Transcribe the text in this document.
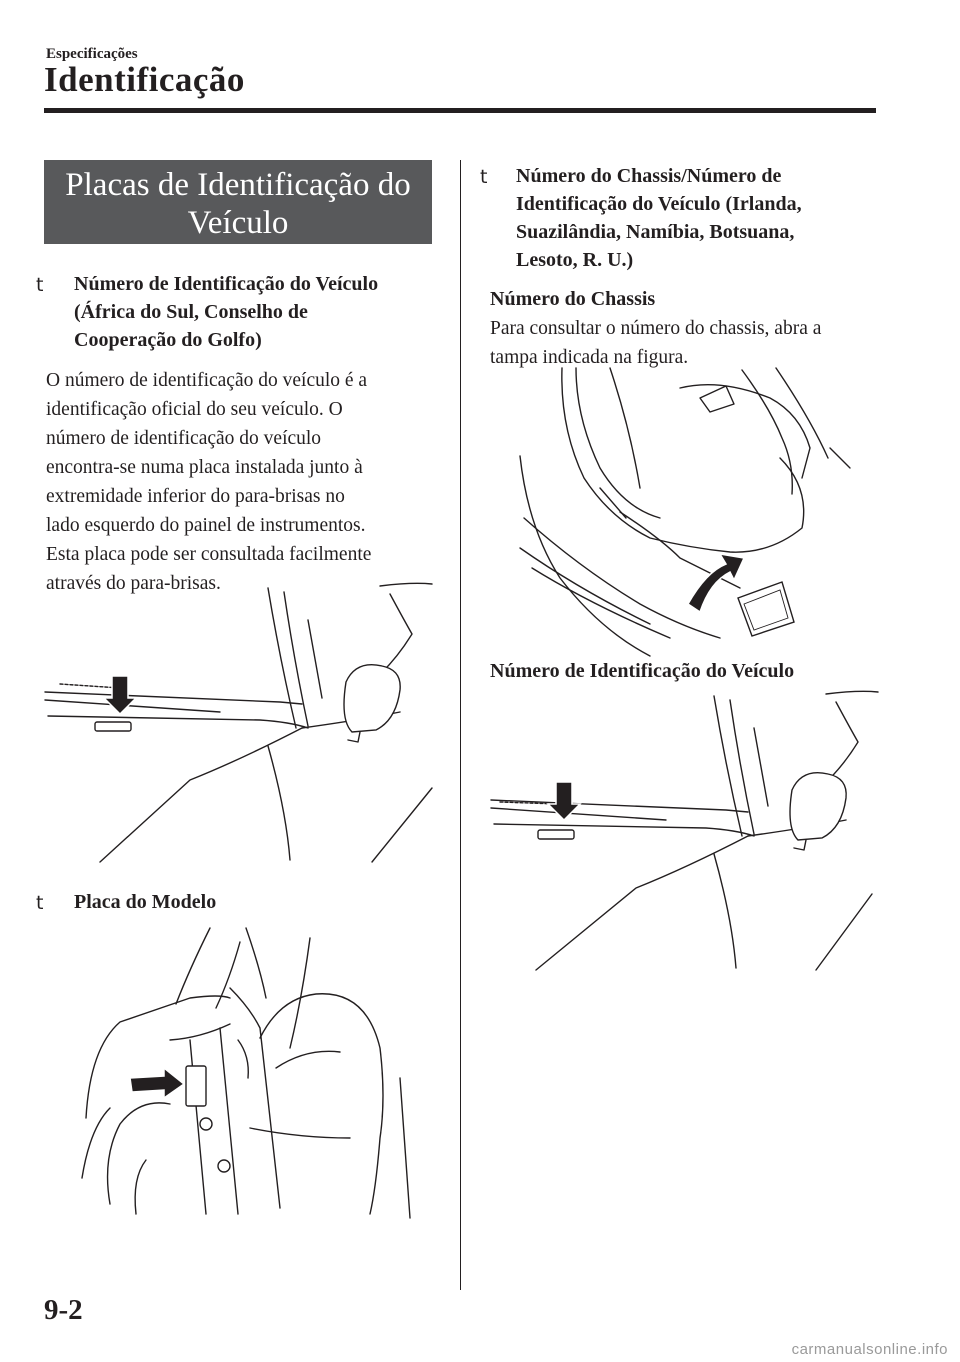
Especificações
Identificação
Placas de Identificação do
Veículo
t Número de Identificação do Veículo
(África do Sul, Conselho de
Cooperação do Golfo)
O número de identificação do veículo é a
identificação oficial do seu veículo. O
número de identificação do veículo
encontra-se numa placa instalada junto à
extremidade inferior do para-brisas no
lado esquerdo do painel de instrumentos.
Esta placa pode ser consultada facilmente
através do para-brisas.
t Placa do Modelo
t Número do Chassis/Número de
Identificação do Veículo (Irlanda,
Suazilândia, Namíbia, Botsuana,
Lesoto, R. U.)
Número do Chassis
Para consultar o número do chassis, abra a
tampa indicada na figura.
Número de Identificação do Veículo
9-2
carmanualsonline.info
